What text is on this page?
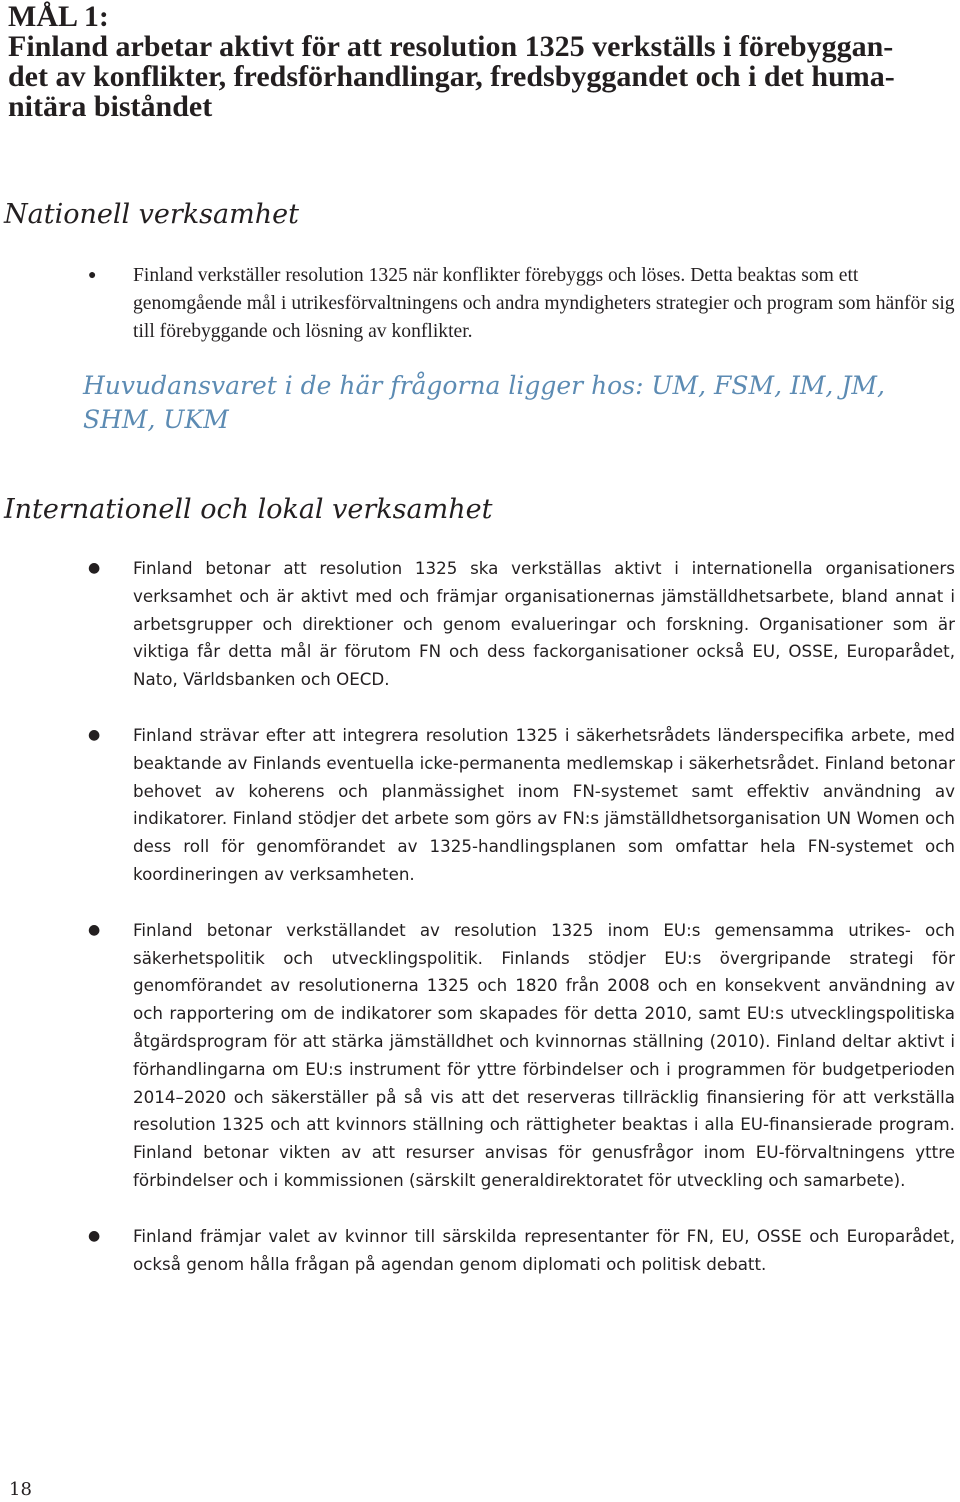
MÅL 1:
Finland arbetar aktivt för att resolution 1325 verkställs i förebyggan-
det av konflikter, fredsförhandlingar, fredsbyggandet och i det huma-
nitära biståndet
Nationell verksamhet
● Finland verkställer resolution 1325 när konflikter förebyggs och löses. Detta beaktas som ett genomgående mål i utrikesförvaltningens och andra myndigheters strategier och program som hänför sig till förebyggande och lösning av konflikter.

Huvudansvaret i de här frågorna ligger hos: UM, FSM, IM, JM, SHM, UKM

Internationell och lokal verksamhet
● Finland betonar att resolution 1325 ska verkställas aktivt i internationella organisationers verksamhet och är aktivt med och främjar organisationernas jämställdhetsarbete, bland annat i arbetsgrupper och direktioner och genom evalueringar och forskning. Organisationer som är viktiga får detta mål är förutom FN och dess fackorganisationer också EU, OSSE, Europarådet, Nato, Världsbanken och OECD.
● Finland strävar efter att integrera resolution 1325 i säkerhetsrådets länderspecifika arbete, med beaktande av Finlands eventuella icke-permanenta medlemskap i säkerhetsrådet. Finland betonar behovet av koherens och planmässighet inom FN-systemet samt effektiv användning av indikatorer. Finland stödjer det arbete som görs av FN:s jämställdhetsorganisation UN Women och dess roll för genomförandet av 1325-handlingsplanen som omfattar hela FN-systemet och koordineringen av verksamheten.
● Finland betonar verkställandet av resolution 1325 inom EU:s gemensamma utrikes- och säkerhetspolitik och utvecklingspolitik. Finlands stödjer EU:s övergripande strategi för genomförandet av resolutionerna 1325 och 1820 från 2008 och en konsekvent användning av och rapportering om de indikatorer som skapades för detta 2010, samt EU:s utvecklingspolitiska åtgärdsprogram för att stärka jämställdhet och kvinnornas ställning (2010). Finland deltar aktivt i förhandlingarna om EU:s instrument för yttre förbindelser och i programmen för budgetperioden 2014–2020 och säkerställer på så vis att det reserveras tillräcklig finansiering för att verkställa resolution 1325 och att kvinnors ställning och rättigheter beaktas i alla EU-finansierade program. Finland betonar vikten av att resurser anvisas för genusfrågor inom EU-förvaltningens yttre förbindelser och i kommissionen (särskilt generaldirektoratet för utveckling och samarbete).
● Finland främjar valet av kvinnor till särskilda representanter för FN, EU, OSSE och Europarådet, också genom hålla frågan på agendan genom diplomati och politisk debatt.
18
